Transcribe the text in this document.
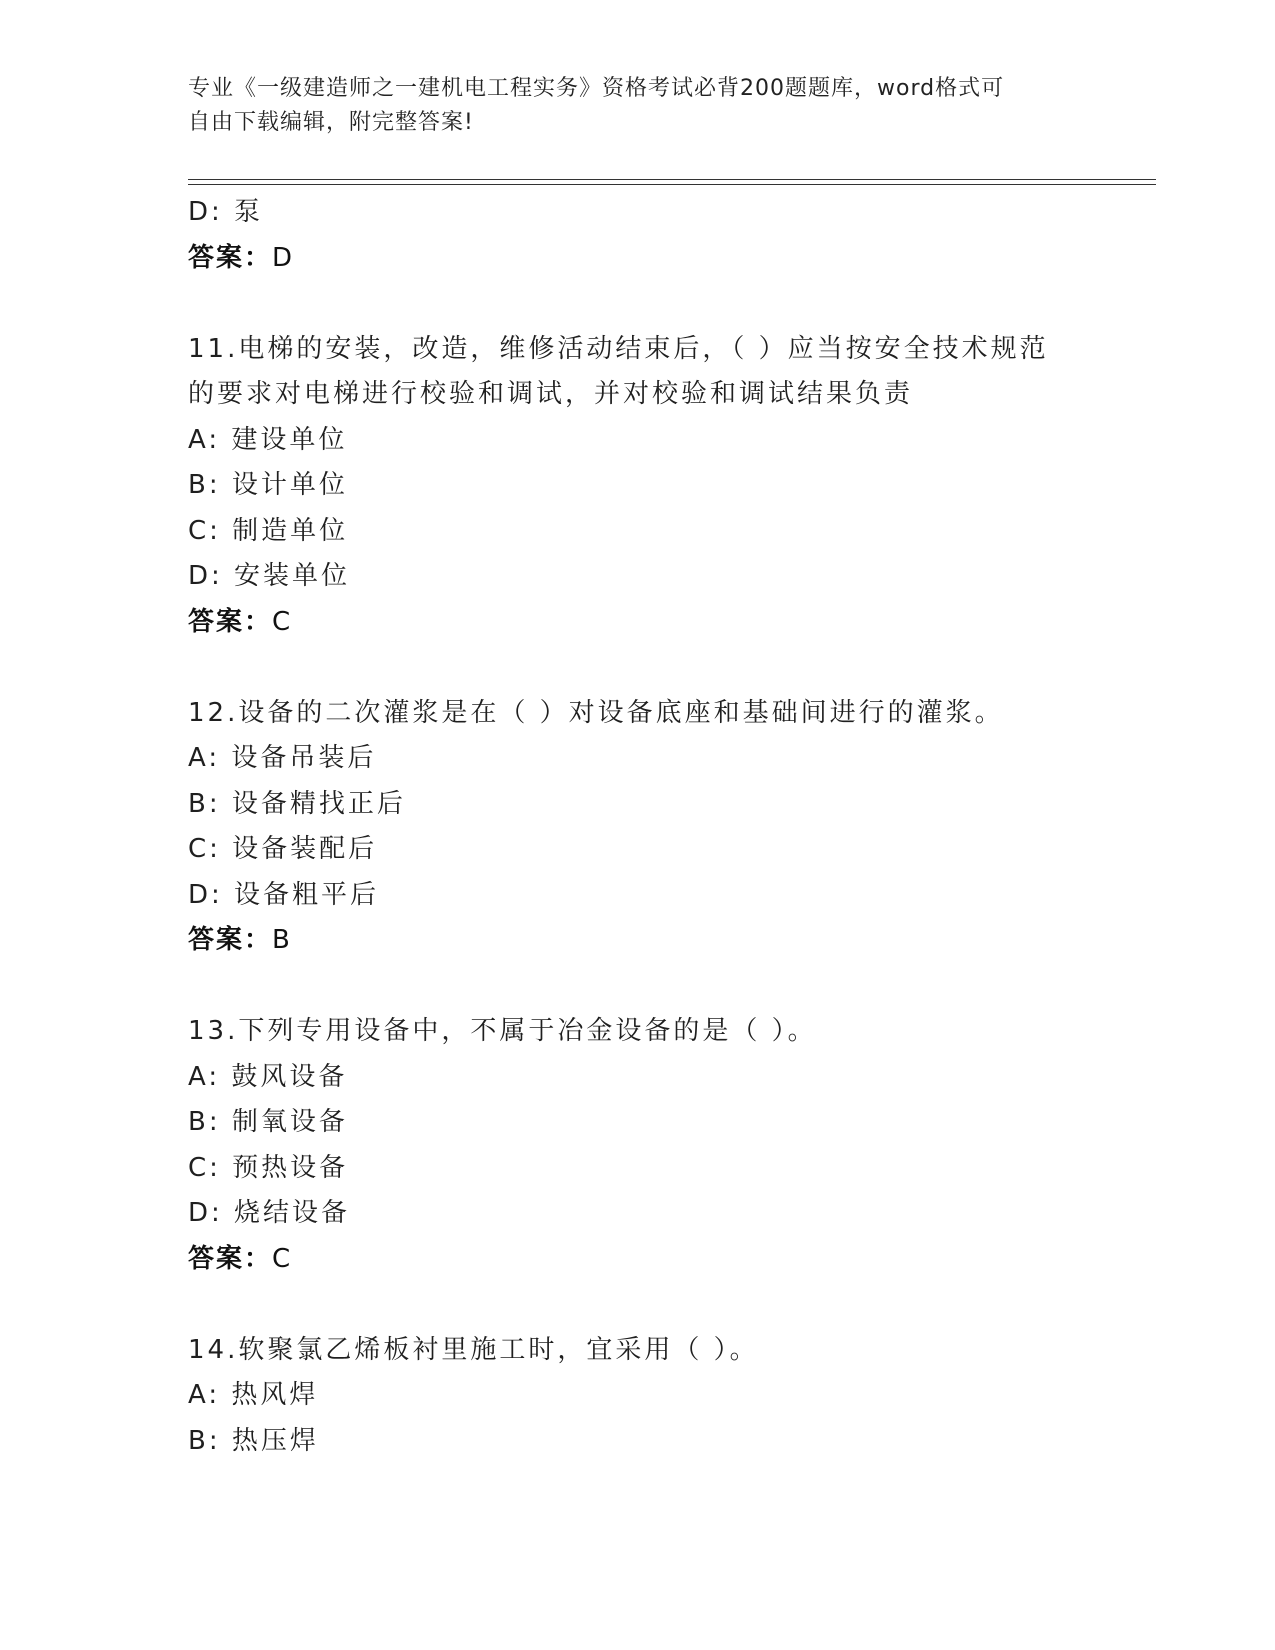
专业《一级建造师之一建机电工程实务》资格考试必背200题题库，word格式可
自由下载编辑，附完整答案!
D: 泵
答案：D
11.电梯的安装，改造，维修活动结束后，（ ）应当按安全技术规范
的要求对电梯进行校验和调试，并对校验和调试结果负责
A: 建设单位
B: 设计单位
C: 制造单位
D: 安装单位
答案：C
12.设备的二次灌浆是在（ ）对设备底座和基础间进行的灌浆。
A: 设备吊装后
B: 设备精找正后
C: 设备装配后
D: 设备粗平后
答案：B
13.下列专用设备中，不属于冶金设备的是（ ）。
A: 鼓风设备
B: 制氧设备
C: 预热设备
D: 烧结设备
答案：C
14.软聚氯乙烯板衬里施工时，宜采用（ ）。
A: 热风焊
B: 热压焊
